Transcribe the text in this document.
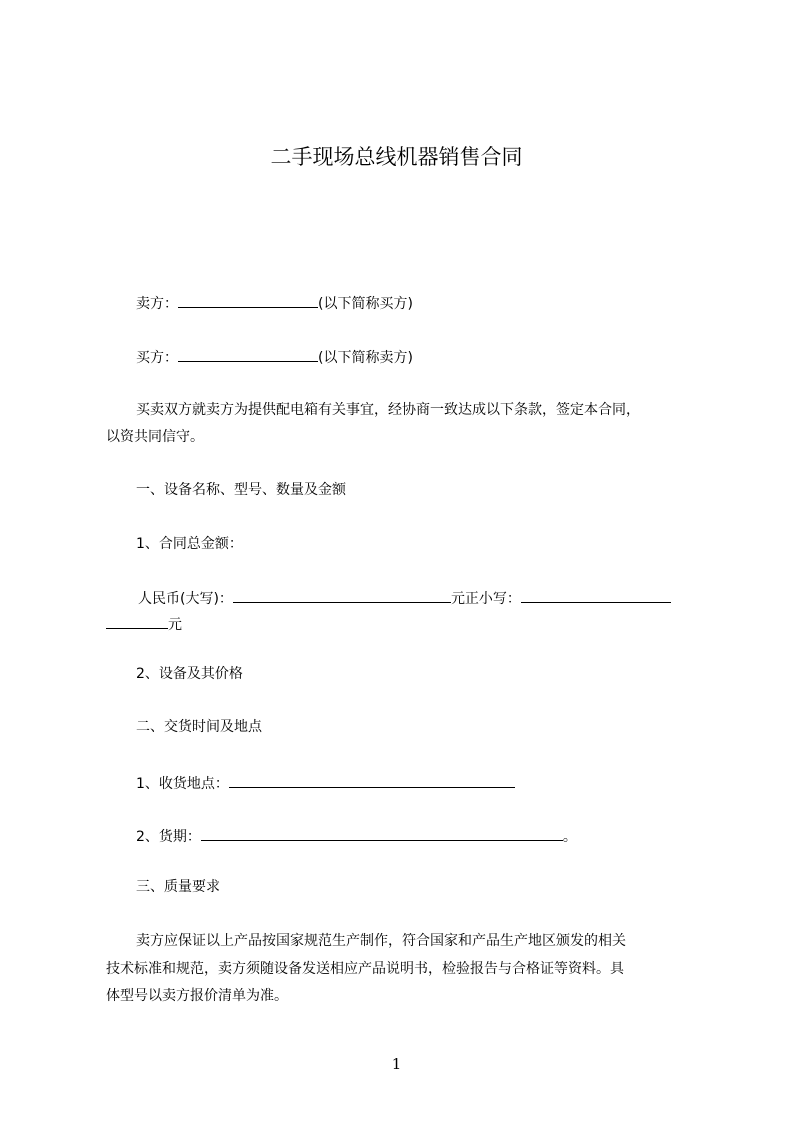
二手现场总线机器销售合同

卖方：	(以下简称买方)

买方：	(以下简称卖方)

买卖双方就卖方为提供配电箱有关事宜，经协商一致达成以下条款，签定本合同，

以资共同信守。

一、设备名称、型号、数量及金额

1、合同总金额：

人民币(大写)：	元正小写：

元

2、设备及其价格

二、交货时间及地点

1、收货地点：

2、货期：	。

三、质量要求

卖方应保证以上产品按国家规范生产制作，符合国家和产品生产地区颁发的相关

技术标准和规范，卖方须随设备发送相应产品说明书，检验报告与合格证等资料。具

体型号以卖方报价清单为准。

1
